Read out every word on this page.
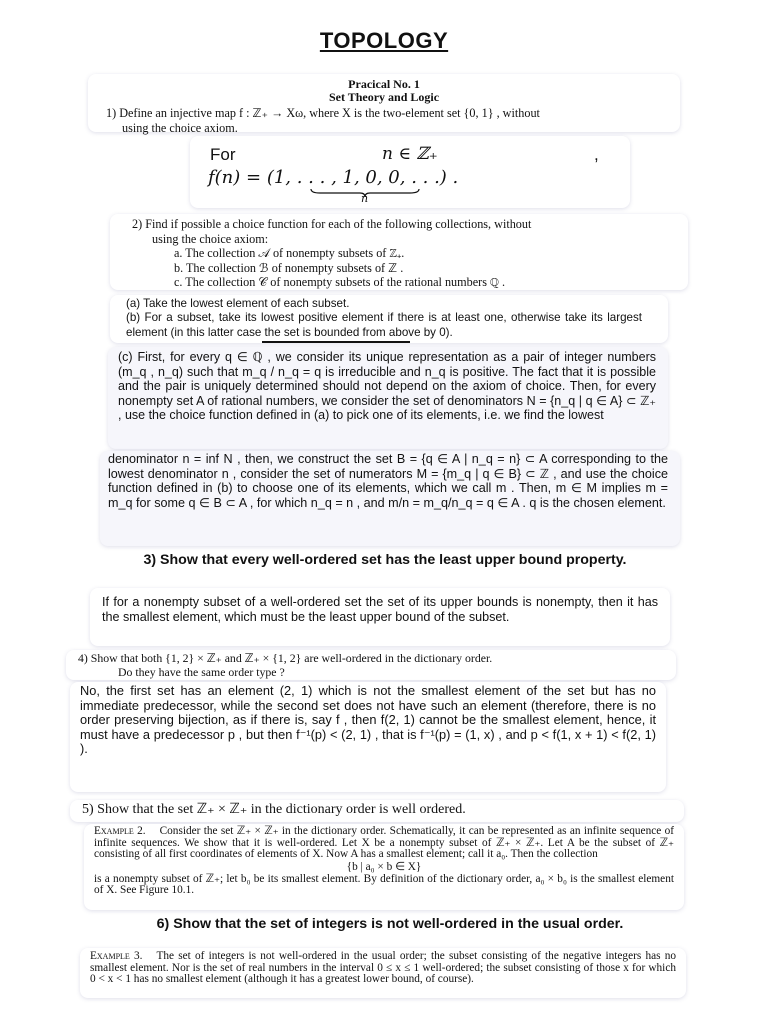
TOPOLOGY
Pracical No. 1
Set Theory and Logic
1) Define an injective map f : ℤ₊ → Xω, where X is the two-element set {0, 1} , without
using the choice axiom.
For	n ∈ ℤ₊	,
f(n) = (1, . . . , 1, 0, 0, . . .) .
n
2) Find if possible a choice function for each of the following collections, without
using the choice axiom:
a. The collection 𝒜 of nonempty subsets of ℤ₊.
b. The collection ℬ of nonempty subsets of ℤ .
c. The collection 𝒞 of nonempty subsets of the rational numbers ℚ .
(a) Take the lowest element of each subset.
(b) For a subset, take its lowest positive element if there is at least one, otherwise take its largest element (in this latter case the set is bounded from above by 0).
(c) First, for every q ∈ ℚ , we consider its unique representation as a pair of integer numbers (m_q , n_q) such that m_q / n_q = q is irreducible and n_q is positive. The fact that it is possible and the pair is uniquely determined should not depend on the axiom of choice. Then, for every nonempty set A of rational numbers, we consider the set of denominators N = {n_q | q ∈ A} ⊂ ℤ₊ , use the choice function defined in (a) to pick one of its elements, i.e. we find the lowest
denominator n = inf N , then, we construct the set B = {q ∈ A | n_q = n} ⊂ A corresponding to the lowest denominator n , consider the set of numerators M = {m_q | q ∈ B} ⊂ ℤ , and use the choice function defined in (b) to choose one of its elements, which we call m . Then, m ∈ M implies m = m_q for some q ∈ B ⊂ A , for which n_q = n , and m/n = m_q/n_q = q ∈ A . q is the chosen element.
3) Show that every well-ordered set has the least upper bound property.
If for a nonempty subset of a well-ordered set the set of its upper bounds is nonempty, then it has the smallest element, which must be the least upper bound of the subset.
4) Show that both {1, 2} × ℤ₊ and ℤ₊ × {1, 2} are well-ordered in the dictionary order.
Do they have the same order type ?
No, the first set has an element (2, 1) which is not the smallest element of the set but has no immediate predecessor, while the second set does not have such an element (therefore, there is no order preserving bijection, as if there is, say f , then f(2, 1) cannot be the smallest element, hence, it must have a predecessor p , but then f⁻¹(p) < (2, 1) , that is f⁻¹(p) = (1, x) , and p < f(1, x + 1) < f(2, 1) ).
5) Show that the set ℤ₊ × ℤ₊ in the dictionary order is well ordered.
Example 2. Consider the set ℤ₊ × ℤ₊ in the dictionary order. Schematically, it can be represented as an infinite sequence of infinite sequences. We show that it is well-ordered. Let X be a nonempty subset of ℤ₊ × ℤ₊. Let A be the subset of ℤ₊ consisting of all first coordinates of elements of X. Now A has a smallest element; call it a₀. Then the collection
{b | a₀ × b ∈ X}
is a nonempty subset of ℤ₊; let b₀ be its smallest element. By definition of the dictionary order, a₀ × b₀ is the smallest element of X. See Figure 10.1.
6) Show that the set of integers is not well-ordered in the usual order.
Example 3. The set of integers is not well-ordered in the usual order; the subset consisting of the negative integers has no smallest element. Nor is the set of real numbers in the interval 0 ≤ x ≤ 1 well-ordered; the subset consisting of those x for which 0 < x < 1 has no smallest element (although it has a greatest lower bound, of course).
